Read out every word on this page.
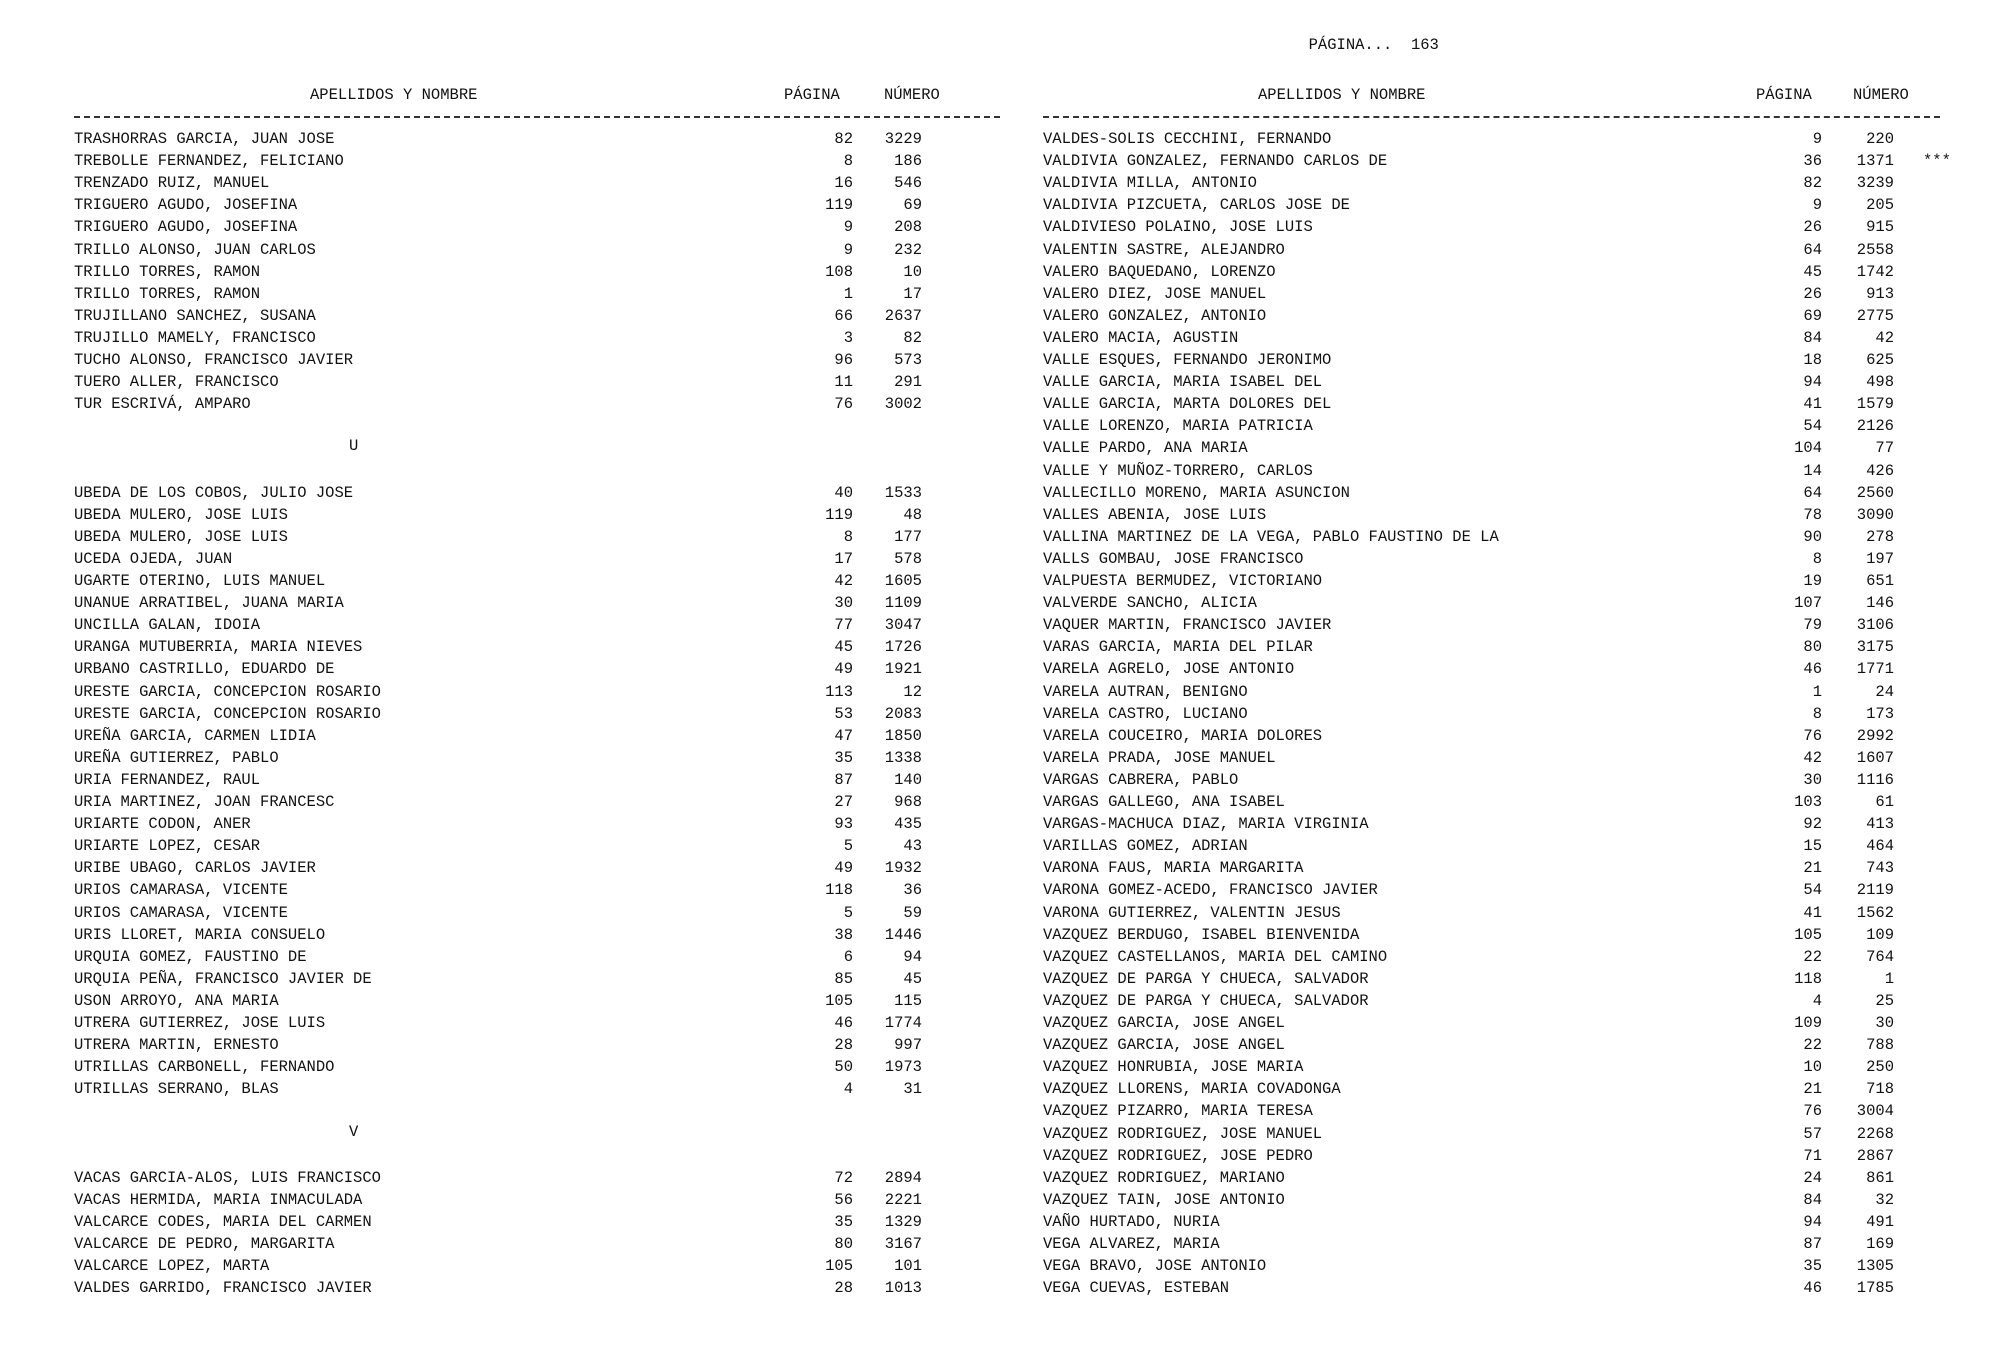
PÁGINA... 163

APELLIDOS Y NOMBRE	PÁGINA	NÚMERO	APELLIDOS Y NOMBRE	PÁGINA	NÚMERO
TRASHORRAS GARCIA, JUAN JOSE	82	3229
TREBOLLE FERNANDEZ, FELICIANO	8	186
TRENZADO RUIZ, MANUEL	16	546
TRIGUERO AGUDO, JOSEFINA	119	69
TRIGUERO AGUDO, JOSEFINA	9	208
TRILLO ALONSO, JUAN CARLOS	9	232
TRILLO TORRES, RAMON	108	10
TRILLO TORRES, RAMON	1	17
TRUJILLANO SANCHEZ, SUSANA	66	2637
TRUJILLO MAMELY, FRANCISCO	3	82
TUCHO ALONSO, FRANCISCO JAVIER	96	573
TUERO ALLER, FRANCISCO	11	291
TUR ESCRIVÁ, AMPARO	76	3002
U
UBEDA DE LOS COBOS, JULIO JOSE	40	1533
UBEDA MULERO, JOSE LUIS	119	48
UBEDA MULERO, JOSE LUIS	8	177
UCEDA OJEDA, JUAN	17	578
UGARTE OTERINO, LUIS MANUEL	42	1605
UNANUE ARRATIBEL, JUANA MARIA	30	1109
UNCILLA GALAN, IDOIA	77	3047
URANGA MUTUBERRIA, MARIA NIEVES	45	1726
URBANO CASTRILLO, EDUARDO DE	49	1921
URESTE GARCIA, CONCEPCION ROSARIO	113	12
URESTE GARCIA, CONCEPCION ROSARIO	53	2083
UREÑA GARCIA, CARMEN LIDIA	47	1850
UREÑA GUTIERREZ, PABLO	35	1338
URIA FERNANDEZ, RAUL	87	140
URIA MARTINEZ, JOAN FRANCESC	27	968
URIARTE CODON, ANER	93	435
URIARTE LOPEZ, CESAR	5	43
URIBE UBAGO, CARLOS JAVIER	49	1932
URIOS CAMARASA, VICENTE	118	36
URIOS CAMARASA, VICENTE	5	59
URIS LLORET, MARIA CONSUELO	38	1446
URQUIA GOMEZ, FAUSTINO DE	6	94
URQUIA PEÑA, FRANCISCO JAVIER DE	85	45
USON ARROYO, ANA MARIA	105	115
UTRERA GUTIERREZ, JOSE LUIS	46	1774
UTRERA MARTIN, ERNESTO	28	997
UTRILLAS CARBONELL, FERNANDO	50	1973
UTRILLAS SERRANO, BLAS	4	31
V
VACAS GARCIA-ALOS, LUIS FRANCISCO	72	2894
VACAS HERMIDA, MARIA INMACULADA	56	2221
VALCARCE CODES, MARIA DEL CARMEN	35	1329
VALCARCE DE PEDRO, MARGARITA	80	3167
VALCARCE LOPEZ, MARTA	105	101
VALDES GARRIDO, FRANCISCO JAVIER	28	1013
VALDES-SOLIS CECCHINI, FERNANDO	9	220
VALDIVIA GONZALEZ, FERNANDO CARLOS DE	36	1371 ***
VALDIVIA MILLA, ANTONIO	82	3239
VALDIVIA PIZCUETA, CARLOS JOSE DE	9	205
VALDIVIESO POLAINO, JOSE LUIS	26	915
VALENTIN SASTRE, ALEJANDRO	64	2558
VALERO BAQUEDANO, LORENZO	45	1742
VALERO DIEZ, JOSE MANUEL	26	913
VALERO GONZALEZ, ANTONIO	69	2775
VALERO MACIA, AGUSTIN	84	42
VALLE ESQUES, FERNANDO JERONIMO	18	625
VALLE GARCIA, MARIA ISABEL DEL	94	498
VALLE GARCIA, MARTA DOLORES DEL	41	1579
VALLE LORENZO, MARIA PATRICIA	54	2126
VALLE PARDO, ANA MARIA	104	77
VALLE Y MUÑOZ-TORRERO, CARLOS	14	426
VALLECILLO MORENO, MARIA ASUNCION	64	2560
VALLES ABENIA, JOSE LUIS	78	3090
VALLINA MARTINEZ DE LA VEGA, PABLO FAUSTINO DE LA	90	278
VALLS GOMBAU, JOSE FRANCISCO	8	197
VALPUESTA BERMUDEZ, VICTORIANO	19	651
VALVERDE SANCHO, ALICIA	107	146
VAQUER MARTIN, FRANCISCO JAVIER	79	3106
VARAS GARCIA, MARIA DEL PILAR	80	3175
VARELA AGRELO, JOSE ANTONIO	46	1771
VARELA AUTRAN, BENIGNO	1	24
VARELA CASTRO, LUCIANO	8	173
VARELA COUCEIRO, MARIA DOLORES	76	2992
VARELA PRADA, JOSE MANUEL	42	1607
VARGAS CABRERA, PABLO	30	1116
VARGAS GALLEGO, ANA ISABEL	103	61
VARGAS-MACHUCA DIAZ, MARIA VIRGINIA	92	413
VARILLAS GOMEZ, ADRIAN	15	464
VARONA FAUS, MARIA MARGARITA	21	743
VARONA GOMEZ-ACEDO, FRANCISCO JAVIER	54	2119
VARONA GUTIERREZ, VALENTIN JESUS	41	1562
VAZQUEZ BERDUGO, ISABEL BIENVENIDA	105	109
VAZQUEZ CASTELLANOS, MARIA DEL CAMINO	22	764
VAZQUEZ DE PARGA Y CHUECA, SALVADOR	118	1
VAZQUEZ DE PARGA Y CHUECA, SALVADOR	4	25
VAZQUEZ GARCIA, JOSE ANGEL	109	30
VAZQUEZ GARCIA, JOSE ANGEL	22	788
VAZQUEZ HONRUBIA, JOSE MARIA	10	250
VAZQUEZ LLORENS, MARIA COVADONGA	21	718
VAZQUEZ PIZARRO, MARIA TERESA	76	3004
VAZQUEZ RODRIGUEZ, JOSE MANUEL	57	2268
VAZQUEZ RODRIGUEZ, JOSE PEDRO	71	2867
VAZQUEZ RODRIGUEZ, MARIANO	24	861
VAZQUEZ TAIN, JOSE ANTONIO	84	32
VAÑO HURTADO, NURIA	94	491
VEGA ALVAREZ, MARIA	87	169
VEGA BRAVO, JOSE ANTONIO	35	1305
VEGA CUEVAS, ESTEBAN	46	1785
